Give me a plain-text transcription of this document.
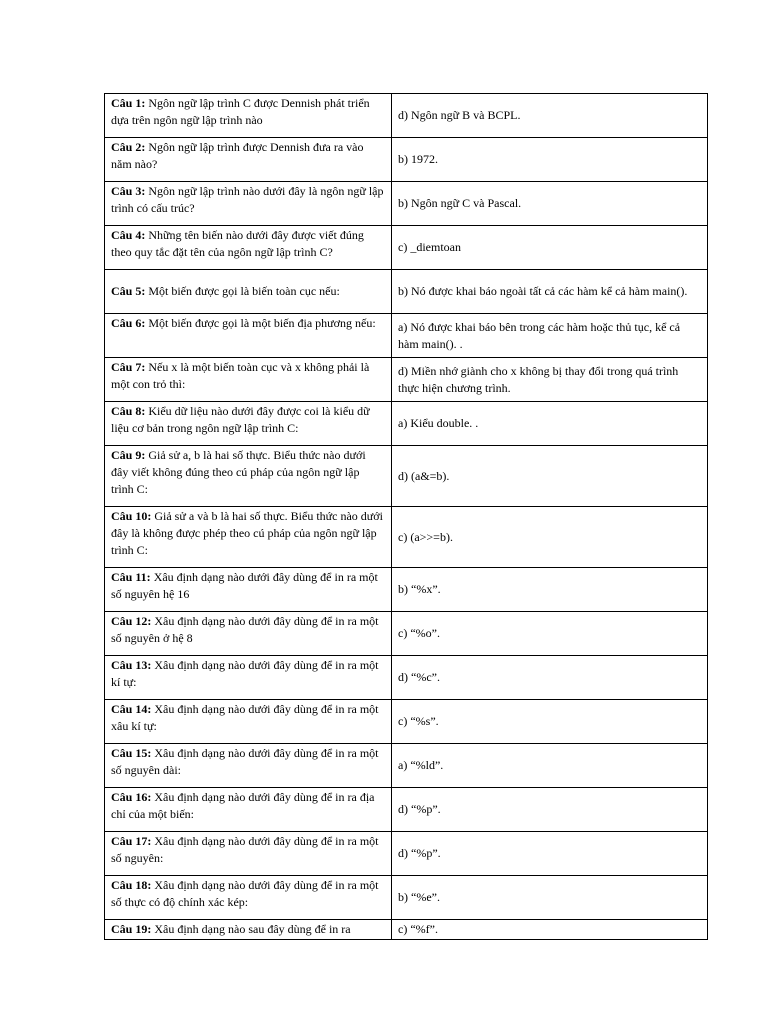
Câu 1: Ngôn ngữ lập trình C được Dennish phát triển dựa trên ngôn ngữ lập trình nào	d) Ngôn ngữ B và BCPL.
Câu 2: Ngôn ngữ lập trình được Dennish đưa ra vào năm nào?	b) 1972.
Câu 3: Ngôn ngữ lập trình nào dưới đây là ngôn ngữ lập trình có cấu trúc?	b) Ngôn ngữ C và Pascal.
Câu 4: Những tên biến nào dưới đây được viết đúng theo quy tắc đặt tên của ngôn ngữ lập trình C?	c) _diemtoan
Câu 5: Một biến được gọi là biến toàn cục nếu:	b) Nó được khai báo ngoài tất cả các hàm kể cả hàm main().
Câu 6: Một biến được gọi là một biến địa phương nếu:	a) Nó được khai báo bên trong các hàm hoặc thủ tục, kể cả hàm main(). .
Câu 7: Nếu x là một biến toàn cục và x không phải là một con trỏ thì:	d) Miền nhớ giành cho x không bị thay đổi trong quá trình thực hiện chương trình.
Câu 8: Kiểu dữ liệu nào dưới đây được coi là kiểu dữ liệu cơ bản trong ngôn ngữ lập trình C:	a) Kiểu double. .
Câu 9: Giả sử a, b là hai số thực. Biểu thức nào dưới đây viết không đúng theo cú pháp của ngôn ngữ lập trình C:	d) (a&=b).
Câu 10: Giả sử a và b là hai số thực. Biểu thức nào dưới đây là không được phép theo cú pháp của ngôn ngữ lập trình C:	c) (a>>=b).
Câu 11: Xâu định dạng nào dưới đây dùng để in ra một số nguyên hệ 16	b) “%x”.
Câu 12: Xâu định dạng nào dưới đây dùng để in ra một số nguyên ở hệ 8	c) “%o”.
Câu 13: Xâu định dạng nào dưới đây dùng để in ra một kí tự:	d) “%c”.
Câu 14: Xâu định dạng nào dưới đây dùng để in ra một xâu kí tự:	c) “%s”.
Câu 15: Xâu định dạng nào dưới đây dùng để in ra một số nguyên dài:	a) “%ld”.
Câu 16: Xâu định dạng nào dưới đây dùng để in ra địa chỉ của một biến:	d) “%p”.
Câu 17: Xâu định dạng nào dưới đây dùng để in ra một số nguyên:	d) “%p”.
Câu 18: Xâu định dạng nào dưới đây dùng để in ra một số thực có độ chính xác kép:	b) “%e”.
Câu 19: Xâu định dạng nào sau đây dùng để in ra	c) “%f”.
